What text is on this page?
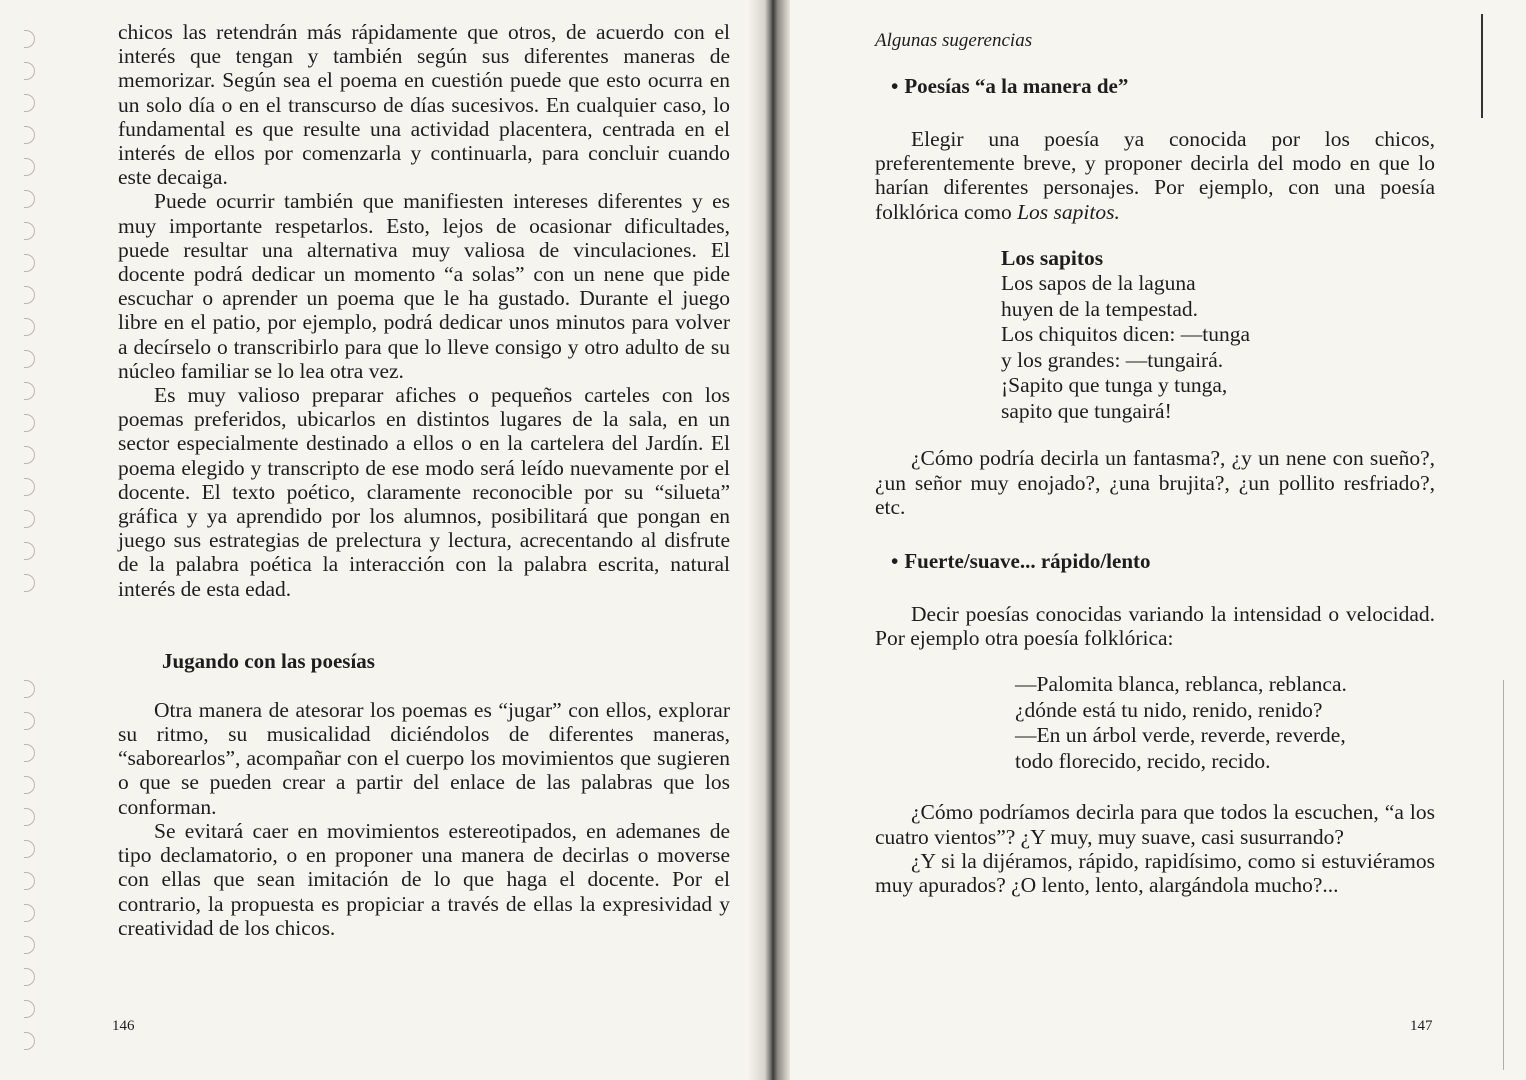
chicos las retendrán más rápidamente que otros, de acuerdo con el interés que tengan y también según sus diferentes maneras de memorizar. Según sea el poema en cuestión puede que esto ocurra en un solo día o en el transcurso de días sucesivos. En cualquier caso, lo fundamental es que resulte una actividad placentera, centrada en el interés de ellos por comenzarla y continuarla, para concluir cuando este decaiga.

Puede ocurrir también que manifiesten intereses diferentes y es muy importante respetarlos. Esto, lejos de ocasionar dificultades, puede resultar una alternativa muy valiosa de vinculaciones. El docente podrá dedicar un momento “a solas” con un nene que pide escuchar o aprender un poema que le ha gustado. Durante el juego libre en el patio, por ejemplo, podrá dedicar unos minutos para volver a decírselo o transcribirlo para que lo lleve consigo y otro adulto de su núcleo familiar se lo lea otra vez.

Es muy valioso preparar afiches o pequeños carteles con los poemas preferidos, ubicarlos en distintos lugares de la sala, en un sector especialmente destinado a ellos o en la cartelera del Jardín. El poema elegido y transcripto de ese modo será leído nuevamente por el docente. El texto poético, claramente reconocible por su “silueta” gráfica y ya aprendido por los alumnos, posibilitará que pongan en juego sus estrategias de prelectura y lectura, acrecentando al disfrute de la palabra poética la interacción con la palabra escrita, natural interés de esta edad.

Jugando con las poesías

Otra manera de atesorar los poemas es “jugar” con ellos, explorar su ritmo, su musicalidad diciéndolos de diferentes maneras, “saborearlos”, acompañar con el cuerpo los movimientos que sugieren o que se pueden crear a partir del enlace de las palabras que los conforman.

Se evitará caer en movimientos estereotipados, en ademanes de tipo declamatorio, o en proponer una manera de decirlas o moverse con ellas que sean imitación de lo que haga el docente. Por el contrario, la propuesta es propiciar a través de ellas la expresividad y creatividad de los chicos.

146
Algunas sugerencias
• Poesías “a la manera de”

Elegir una poesía ya conocida por los chicos, preferentemente breve, y proponer decirla del modo en que lo harían diferentes personajes. Por ejemplo, con una poesía folklórica como Los sapitos.

Los sapitos
Los sapos de la laguna
huyen de la tempestad.
Los chiquitos dicen: —tunga
y los grandes: —tungairá.
¡Sapito que tunga y tunga,
sapito que tungairá!

¿Cómo podría decirla un fantasma?, ¿y un nene con sueño?, ¿un señor muy enojado?, ¿una brujita?, ¿un pollito resfriado?, etc.

• Fuerte/suave... rápido/lento

Decir poesías conocidas variando la intensidad o velocidad. Por ejemplo otra poesía folklórica:

—Palomita blanca, reblanca, reblanca.
¿dónde está tu nido, renido, renido?
—En un árbol verde, reverde, reverde,
todo florecido, recido, recido.

¿Cómo podríamos decirla para que todos la escuchen, “a los cuatro vientos”? ¿Y muy, muy suave, casi susurrando?

¿Y si la dijéramos, rápido, rapidísimo, como si estuviéramos muy apurados? ¿O lento, lento, alargándola mucho?...

147
